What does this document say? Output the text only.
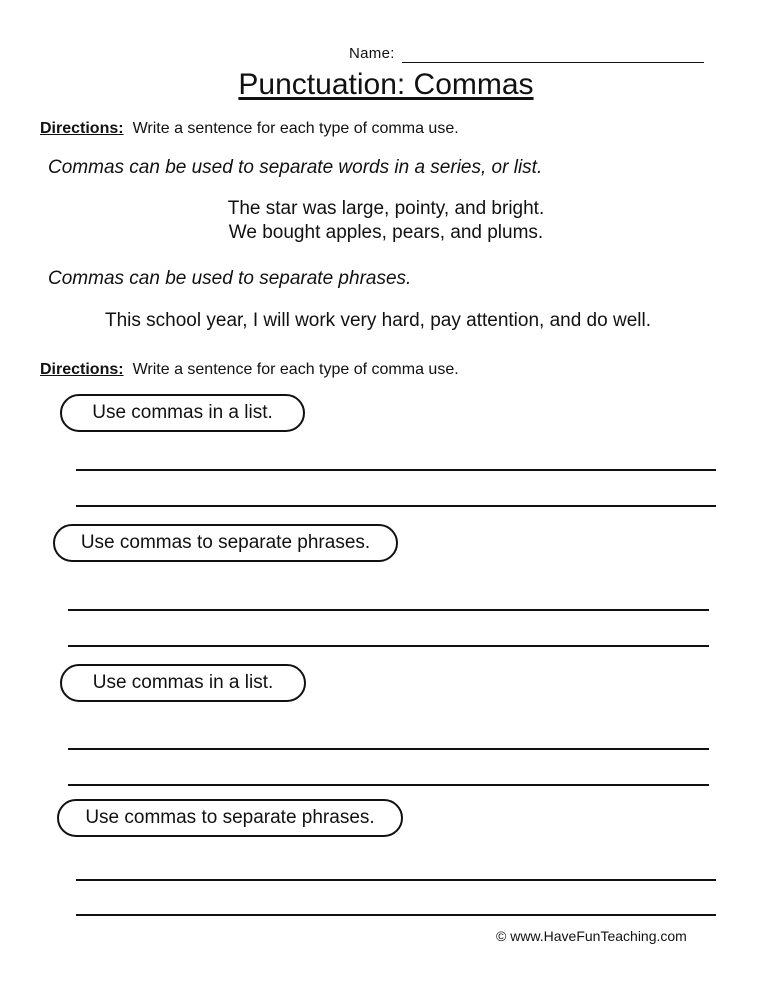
Name:
Punctuation: Commas
Directions: Write a sentence for each type of comma use.
Commas can be used to separate words in a series, or list.
The star was large, pointy, and bright.
We bought apples, pears, and plums.
Commas can be used to separate phrases.
This school year, I will work very hard, pay attention, and do well.
Directions: Write a sentence for each type of comma use.
Use commas in a list.
Use commas to separate phrases.
Use commas in a list.
Use commas to separate phrases.
© www.HaveFunTeaching.com
